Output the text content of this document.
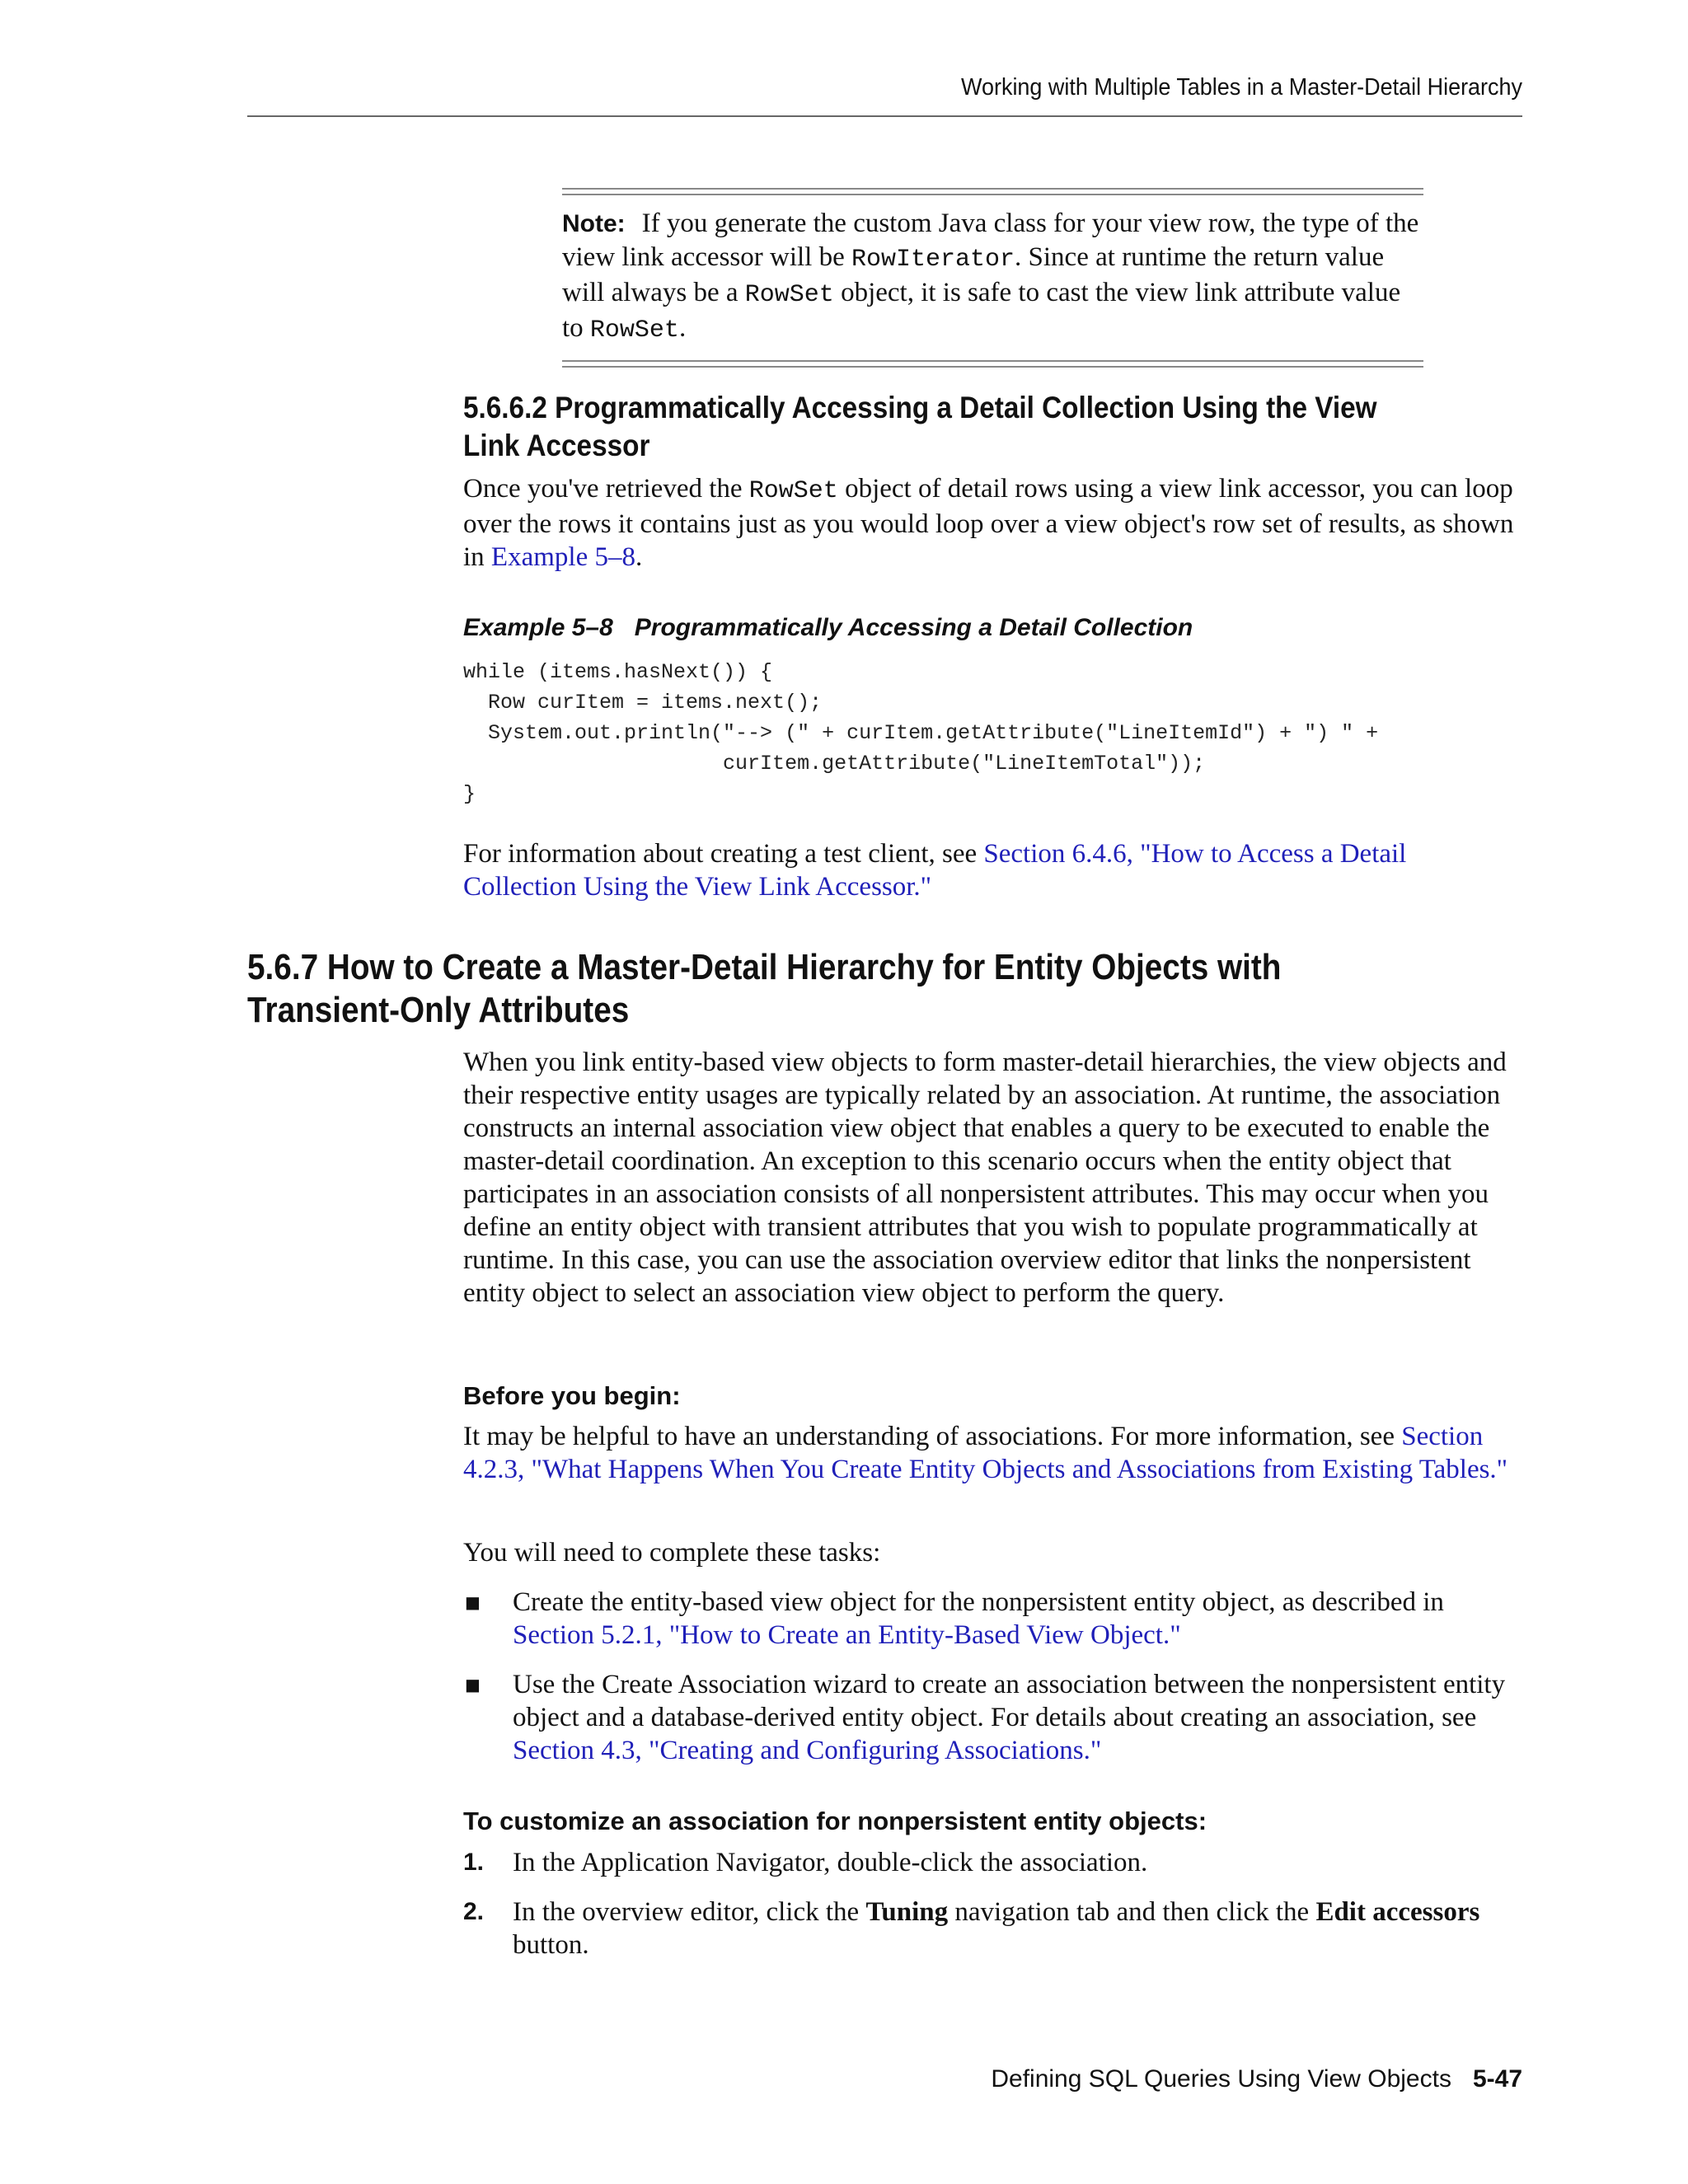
Working with Multiple Tables in a Master-Detail Hierarchy

Note: If you generate the custom Java class for your view row, the type of the view link accessor will be RowIterator. Since at runtime the return value will always be a RowSet object, it is safe to cast the view link attribute value to RowSet.

5.6.6.2 Programmatically Accessing a Detail Collection Using the View Link Accessor

Once you've retrieved the RowSet object of detail rows using a view link accessor, you can loop over the rows it contains just as you would loop over a view object's row set of results, as shown in Example 5–8.

Example 5–8 Programmatically Accessing a Detail Collection

while (items.hasNext()) {
Row curItem = items.next();
System.out.println("--> (" + curItem.getAttribute("LineItemId") + ") " +
curItem.getAttribute("LineItemTotal"));
}

For information about creating a test client, see Section 6.4.6, "How to Access a Detail Collection Using the View Link Accessor."

5.6.7 How to Create a Master-Detail Hierarchy for Entity Objects with Transient-Only Attributes

When you link entity-based view objects to form master-detail hierarchies, the view objects and their respective entity usages are typically related by an association. At runtime, the association constructs an internal association view object that enables a query to be executed to enable the master-detail coordination. An exception to this scenario occurs when the entity object that participates in an association consists of all nonpersistent attributes. This may occur when you define an entity object with transient attributes that you wish to populate programmatically at runtime. In this case, you can use the association overview editor that links the nonpersistent entity object to select an association view object to perform the query.

Before you begin:

It may be helpful to have an understanding of associations. For more information, see Section 4.2.3, "What Happens When You Create Entity Objects and Associations from Existing Tables."

You will need to complete these tasks:

■ Create the entity-based view object for the nonpersistent entity object, as described in Section 5.2.1, "How to Create an Entity-Based View Object."
■ Use the Create Association wizard to create an association between the nonpersistent entity object and a database-derived entity object. For details about creating an association, see Section 4.3, "Creating and Configuring Associations."

To customize an association for nonpersistent entity objects:

1. In the Application Navigator, double-click the association.
2. In the overview editor, click the Tuning navigation tab and then click the Edit accessors button.
Defining SQL Queries Using View Objects 5-47
